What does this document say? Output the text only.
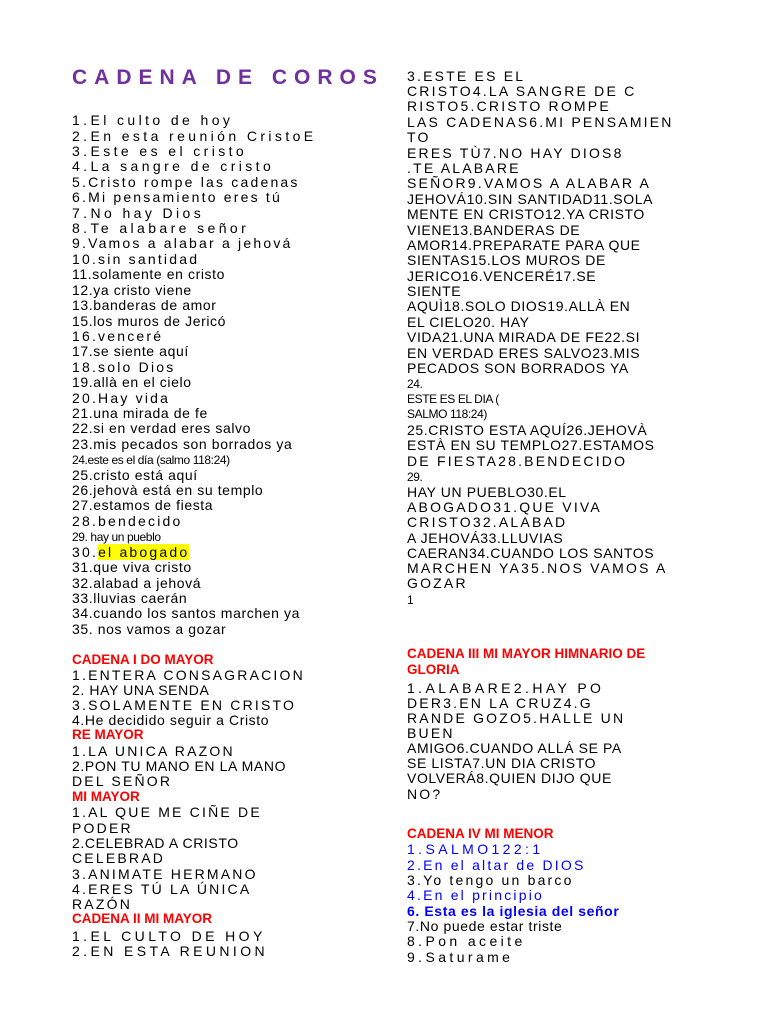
CADENA DE COROS
1.El culto de hoy
2.En esta reunión CristoE
3.Este es el cristo
4.La sangre de cristo
5.Cristo rompe las cadenas
6.Mi pensamiento eres tú
7.No hay Dios
8.Te alabare señor
9.Vamos a alabar a jehová
10.sin santidad
11.solamente en cristo
12.ya cristo viene
13.banderas de amor
15.los muros de Jericó
16.venceré
17.se siente aquí
18.solo Dios
19.allà en el cielo
20.Hay vida
21.una mirada de fe
22.si en verdad eres salvo
23.mis pecados son borrados ya
24.este es el día (salmo 118:24)
25.cristo está aquí
26.jehovà está en su templo
27.estamos de fiesta
28.bendecido
29. hay un pueblo
30.el abogado
31.que viva cristo
32.alabad a jehová
33.lluvias caerán
34.cuando los santos marchen ya
35. nos vamos a gozar
CADENA I DO MAYOR
1.ENTERA CONSAGRACION
2. HAY UNA SENDA
3.SOLAMENTE EN CRISTO
4.He decidido seguir a Cristo
RE MAYOR
1.LA UNICA RAZON
2.PON TU MANO EN LA MANO
DEL SEÑOR
MI MAYOR
1.AL QUE ME CIÑE DE
PODER
2.CELEBRAD A CRISTO
CELEBRAD
3.ANIMATE HERMANO
4.ERES TÚ LA ÚNICA
RAZÓN
CADENA II MI MAYOR
1.EL CULTO DE HOY
2.EN ESTA REUNION
3.ESTE ES EL
CRISTO4.LA SANGRE DE C
RISTO5.CRISTO ROMPE
LAS CADENAS6.MI PENSAMIEN
TO
ERES TÙ7.NO HAY DIOS8
.TE ALABARE
SEÑOR9.VAMOS A ALABAR A
JEHOVÁ10.SIN SANTIDAD11.SOLA
MENTE EN CRISTO12.YA CRISTO
VIENE13.BANDERAS DE
AMOR14.PREPARATE PARA QUE
SIENTAS15.LOS MUROS DE
JERICO16.VENCERÉ17.SE
SIENTE
AQUÌ18.SOLO DIOS19.ALLÀ EN
EL CIELO20. HAY
VIDA21.UNA MIRADA DE FE22.SI
EN VERDAD ERES SALVO23.MIS
PECADOS SON BORRADOS YA
24.
ESTE ES EL DIA (
SALMO 118:24)
25.CRISTO ESTA AQUÍ26.JEHOVÀ
ESTÀ EN SU TEMPLO27.ESTAMOS
DE FIESTA28.BENDECIDO
29.
HAY UN PUEBLO30.EL
ABOGADO31.QUE VIVA
CRISTO32.ALABAD
A JEHOVÁ33.LLUVIAS
CAERAN34.CUANDO LOS SANTOS
MARCHEN YA35.NOS VAMOS A
GOZAR
1
CADENA III MI MAYOR HIMNARIO DE GLORIA
1.ALABARE2.HAY PO
DER3.EN LA CRUZ4.G
RANDE GOZO5.HALLE UN
BUEN
AMIGO6.CUANDO ALLÁ SE PA
SE LISTA7.UN DIA CRISTO
VOLVERÁ8.QUIEN DIJO QUE
NO?
CADENA IV MI MENOR
1.SALMO122:1
2.En el altar de DIOS
3.Yo tengo un barco
4.En el principio
6. Esta es la iglesia del señor
7.No puede estar triste
8.Pon aceite
9.Saturame
